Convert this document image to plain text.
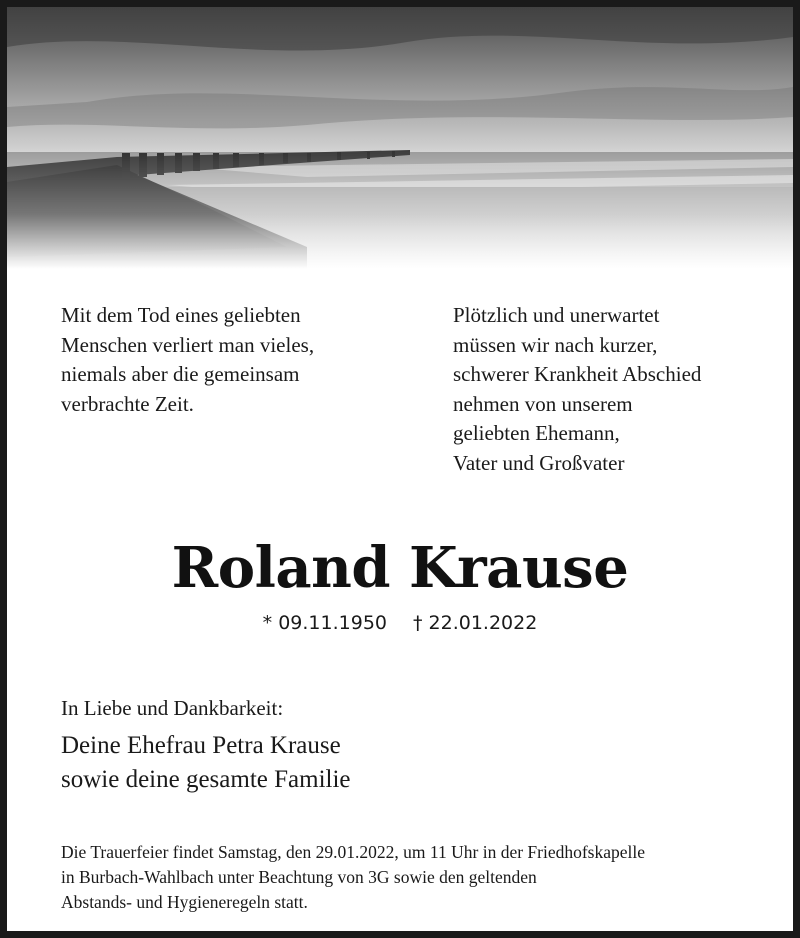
Mit dem Tod eines geliebten
Menschen verliert man vieles,
niemals aber die gemeinsam
verbrachte Zeit.

Plötzlich und unerwartet
müssen wir nach kurzer,
schwerer Krankheit Abschied
nehmen von unserem
geliebten Ehemann,
Vater und Großvater

Roland Krause
* 09.11.1950 † 22.01.2022
In Liebe und Dankbarkeit:
Deine Ehefrau Petra Krause
sowie deine gesamte Familie
Die Trauerfeier findet Samstag, den 29.01.2022, um 11 Uhr in der Friedhofskapelle
in Burbach-Wahlbach unter Beachtung von 3G sowie den geltenden
Abstands- und Hygieneregeln statt.
